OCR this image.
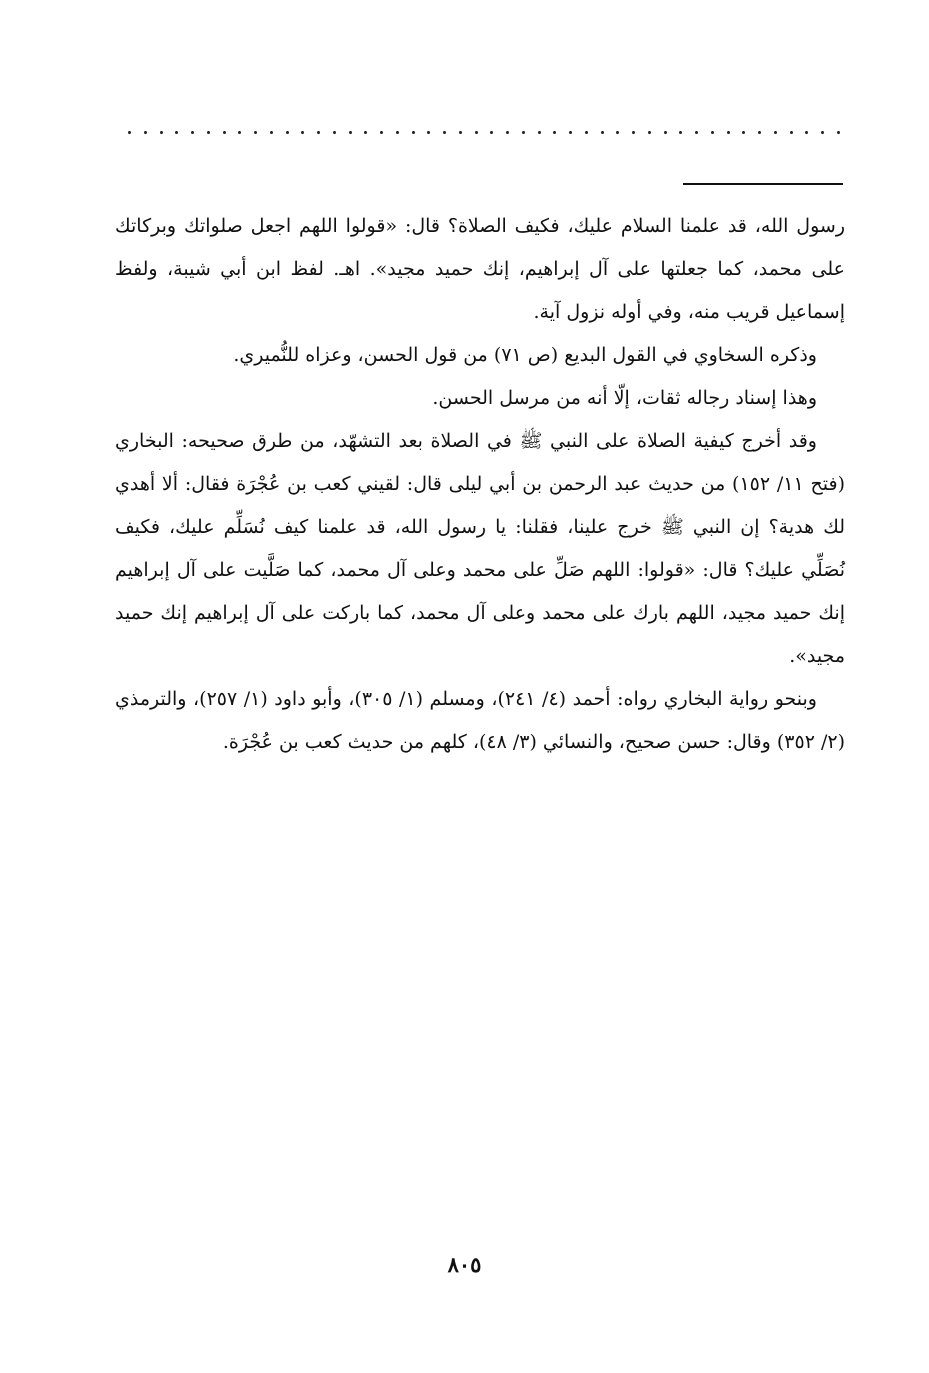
رسول الله، قد علمنا السلام عليك، فكيف الصلاة؟ قال: «قولوا اللهم اجعل صلواتك وبركاتك على محمد، كما جعلتها على آل إبراهيم، إنك حميد مجيد». اهـ. لفظ ابن أبي شيبة، ولفظ إسماعيل قريب منه، وفي أوله نزول آية.

وذكره السخاوي في القول البديع (ص ٧١) من قول الحسن، وعزاه للنُّميري.

وهذا إسناد رجاله ثقات، إلّا أنه من مرسل الحسن.

وقد أخرج كيفية الصلاة على النبي ﷺ في الصلاة بعد التشهّد، من طرق صحيحه: البخاري (فتح ١١/ ١٥٢) من حديث عبد الرحمن بن أبي ليلى قال: لقيني كعب بن عُجْرَة فقال: ألا أهدي لك هدية؟ إن النبي ﷺ خرج علينا، فقلنا: يا رسول الله، قد علمنا كيف نُسَلِّم عليك، فكيف نُصَلِّي عليك؟ قال: «قولوا: اللهم صَلِّ على محمد وعلى آل محمد، كما صَلَّيت على آل إبراهيم إنك حميد مجيد، اللهم بارك على محمد وعلى آل محمد، كما باركت على آل إبراهيم إنك حميد مجيد».

وبنحو رواية البخاري رواه: أحمد (٤/ ٢٤١)، ومسلم (١/ ٣٠٥)، وأبو داود (١/ ٢٥٧)، والترمذي (٢/ ٣٥٢) وقال: حسن صحيح، والنسائي (٣/ ٤٨)، كلهم من حديث كعب بن عُجْرَة.

٨٠٥
